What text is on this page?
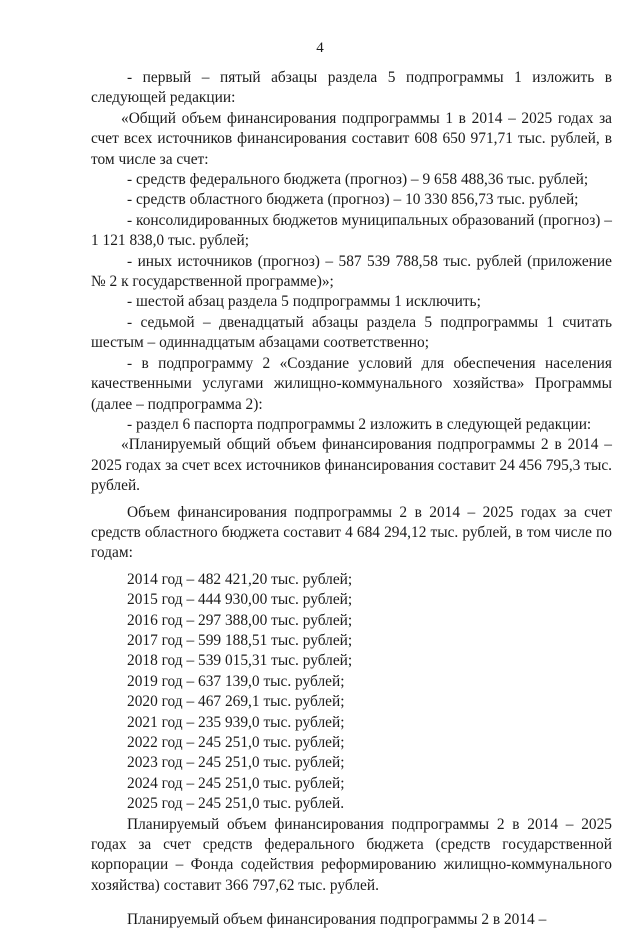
4

- первый – пятый абзацы раздела 5 подпрограммы 1 изложить в следующей редакции:

«Общий объем финансирования подпрограммы 1 в 2014 – 2025 годах за счет всех источников финансирования составит 608 650 971,71 тыс. рублей, в том числе за счет:

- средств федерального бюджета (прогноз) – 9 658 488,36 тыс. рублей;

- средств областного бюджета (прогноз) – 10 330 856,73 тыс. рублей;

- консолидированных бюджетов муниципальных образований (прогноз) – 1 121 838,0 тыс. рублей;

- иных источников (прогноз) – 587 539 788,58 тыс. рублей (приложение № 2 к государственной программе)»;

- шестой абзац раздела 5 подпрограммы 1 исключить;

- седьмой – двенадцатый абзацы раздела 5 подпрограммы 1 считать шестым – одиннадцатым абзацами соответственно;

- в подпрограмму 2 «Создание условий для обеспечения населения качественными услугами жилищно-коммунального хозяйства» Программы (далее – подпрограмма 2):

- раздел 6 паспорта подпрограммы 2 изложить в следующей редакции:

«Планируемый общий объем финансирования подпрограммы 2 в 2014 – 2025 годах за счет всех источников финансирования составит 24 456 795,3 тыс. рублей.

Объем финансирования подпрограммы 2 в 2014 – 2025 годах за счет средств областного бюджета составит 4 684 294,12 тыс. рублей, в том числе по годам:

2014 год – 482 421,20 тыс. рублей;
2015 год – 444 930,00 тыс. рублей;
2016 год – 297 388,00 тыс. рублей;
2017 год – 599 188,51 тыс. рублей;
2018 год – 539 015,31 тыс. рублей;
2019 год – 637 139,0 тыс. рублей;
2020 год – 467 269,1 тыс. рублей;
2021 год – 235 939,0 тыс. рублей;
2022 год – 245 251,0 тыс. рублей;
2023 год – 245 251,0 тыс. рублей;
2024 год – 245 251,0 тыс. рублей;
2025 год – 245 251,0 тыс. рублей.

Планируемый объем финансирования подпрограммы 2 в 2014 – 2025 годах за счет средств федерального бюджета (средств государственной корпорации – Фонда содействия реформированию жилищно-коммунального хозяйства) составит 366 797,62 тыс. рублей.

Планируемый объем финансирования подпрограммы 2 в 2014 –
